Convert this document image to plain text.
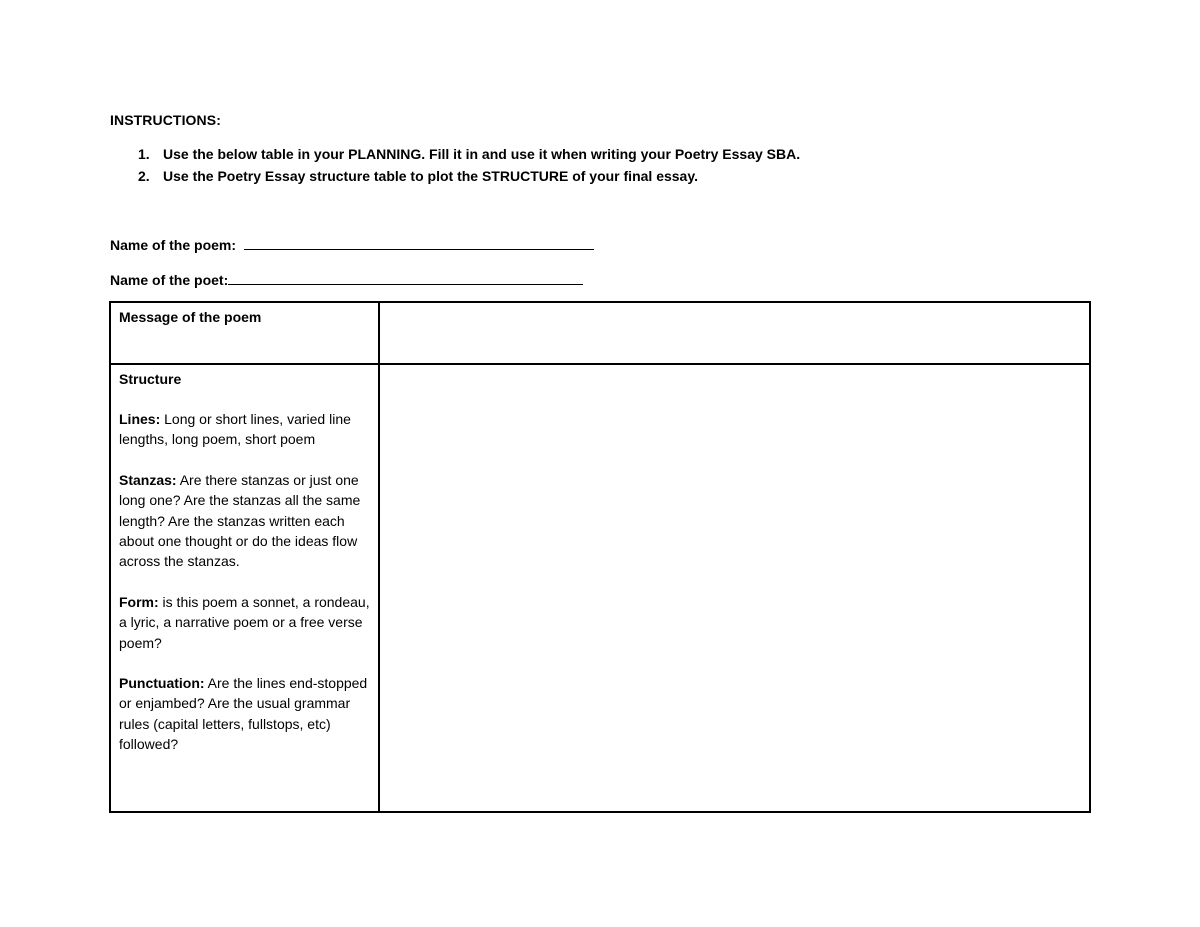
INSTRUCTIONS:
1. Use the below table in your PLANNING. Fill it in and use it when writing your Poetry Essay SBA.
2. Use the Poetry Essay structure table to plot the STRUCTURE of your final essay.
Name of the poem:
Name of the poet:
Message of the poem	

Structure
Lines: Long or short lines, varied line lengths, long poem, short poem
Stanzas: Are there stanzas or just one long one? Are the stanzas all the same length? Are the stanzas written each about one thought or do the ideas flow across the stanzas.
Form: is this poem a sonnet, a rondeau, a lyric, a narrative poem or a free verse poem?
Punctuation: Are the lines end-stopped or enjambed? Are the usual grammar rules (capital letters, fullstops, etc) followed?	
